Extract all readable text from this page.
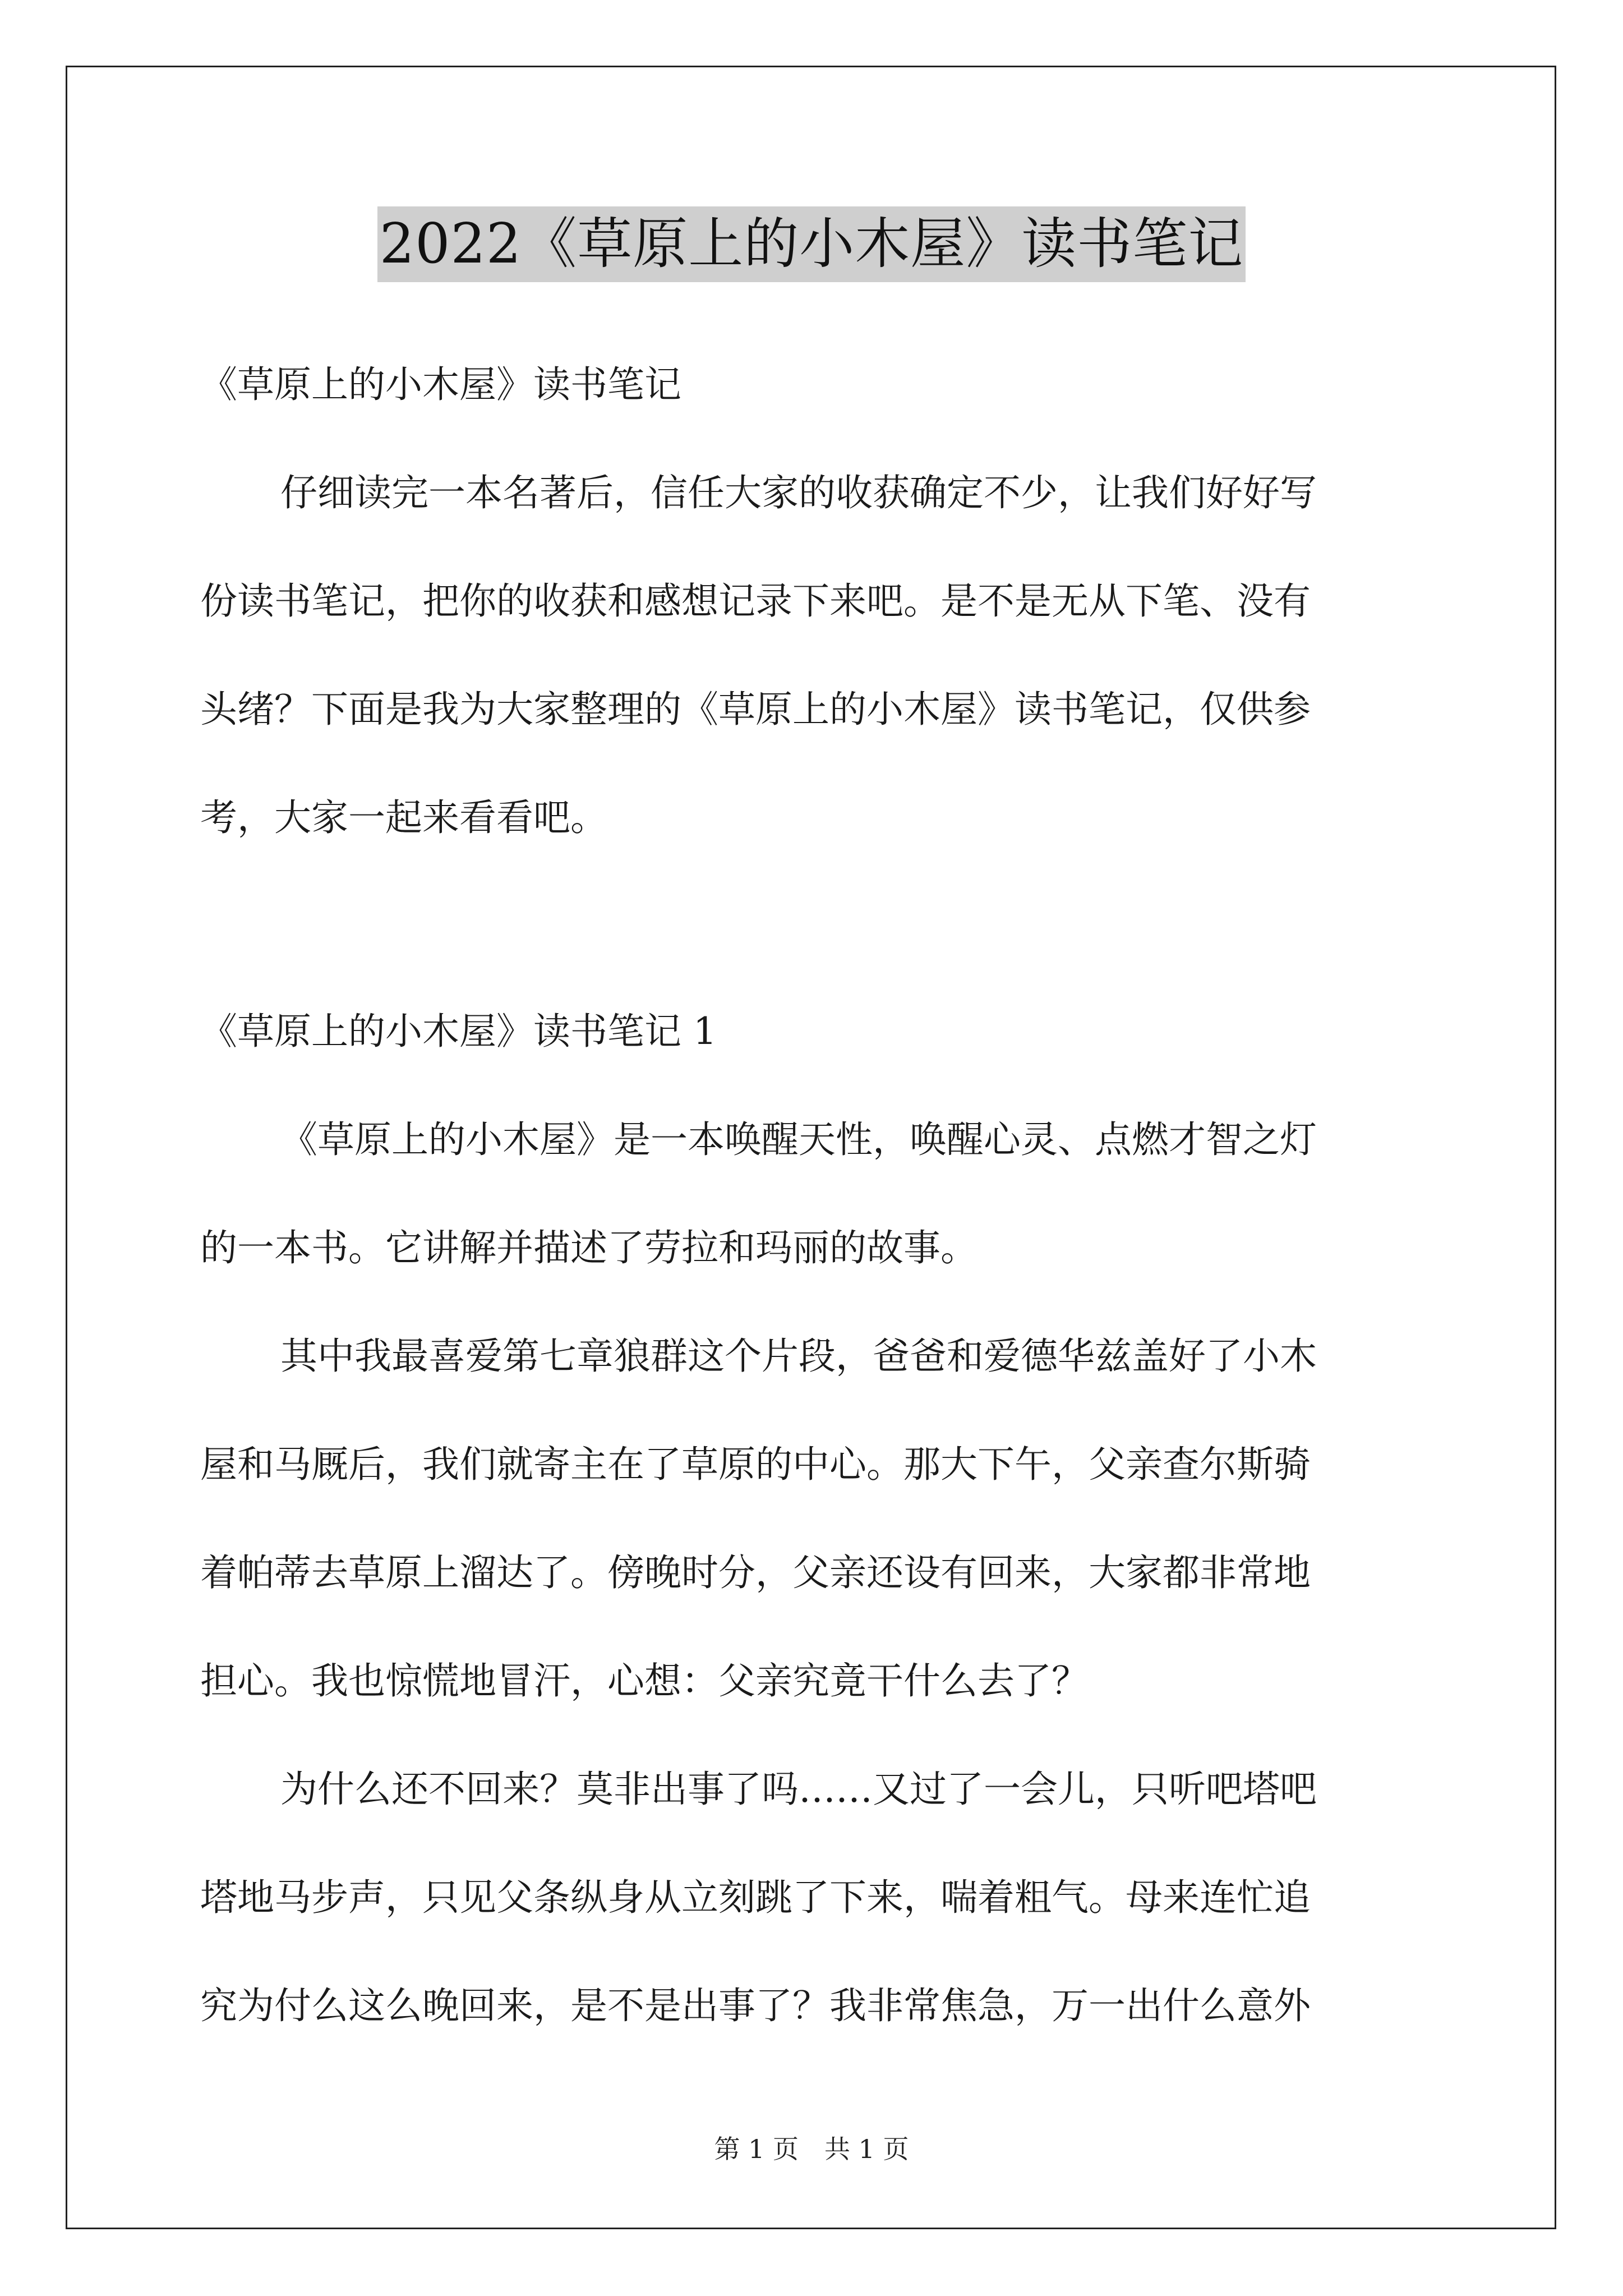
2022《草原上的小木屋》读书笔记
《草原上的小木屋》读书笔记
仔细读完一本名著后，信任大家的收获确定不少，让我们好好写
份读书笔记，把你的收获和感想记录下来吧。是不是无从下笔、没有
头绪？下面是我为大家整理的《草原上的小木屋》读书笔记，仅供参
考，大家一起来看看吧。
《草原上的小木屋》读书笔记 1
《草原上的小木屋》是一本唤醒天性，唤醒心灵、点燃才智之灯
的一本书。它讲解并描述了劳拉和玛丽的故事。
其中我最喜爱第七章狼群这个片段，爸爸和爱德华兹盖好了小木
屋和马厩后，我们就寄主在了草原的中心。那大下午，父亲查尔斯骑
着帕蒂去草原上溜达了。傍晚时分，父亲还设有回来，大家都非常地
担心。我也惊慌地冒汗，心想：父亲究竟干什么去了？
为什么还不回来？莫非出事了吗……又过了一会儿，只听吧塔吧
塔地马步声，只见父条纵身从立刻跳了下来，喘着粗气。母来连忙追
究为付么这么晚回来，是不是出事了？我非常焦急，万一出什么意外
第 1 页　共 1 页
